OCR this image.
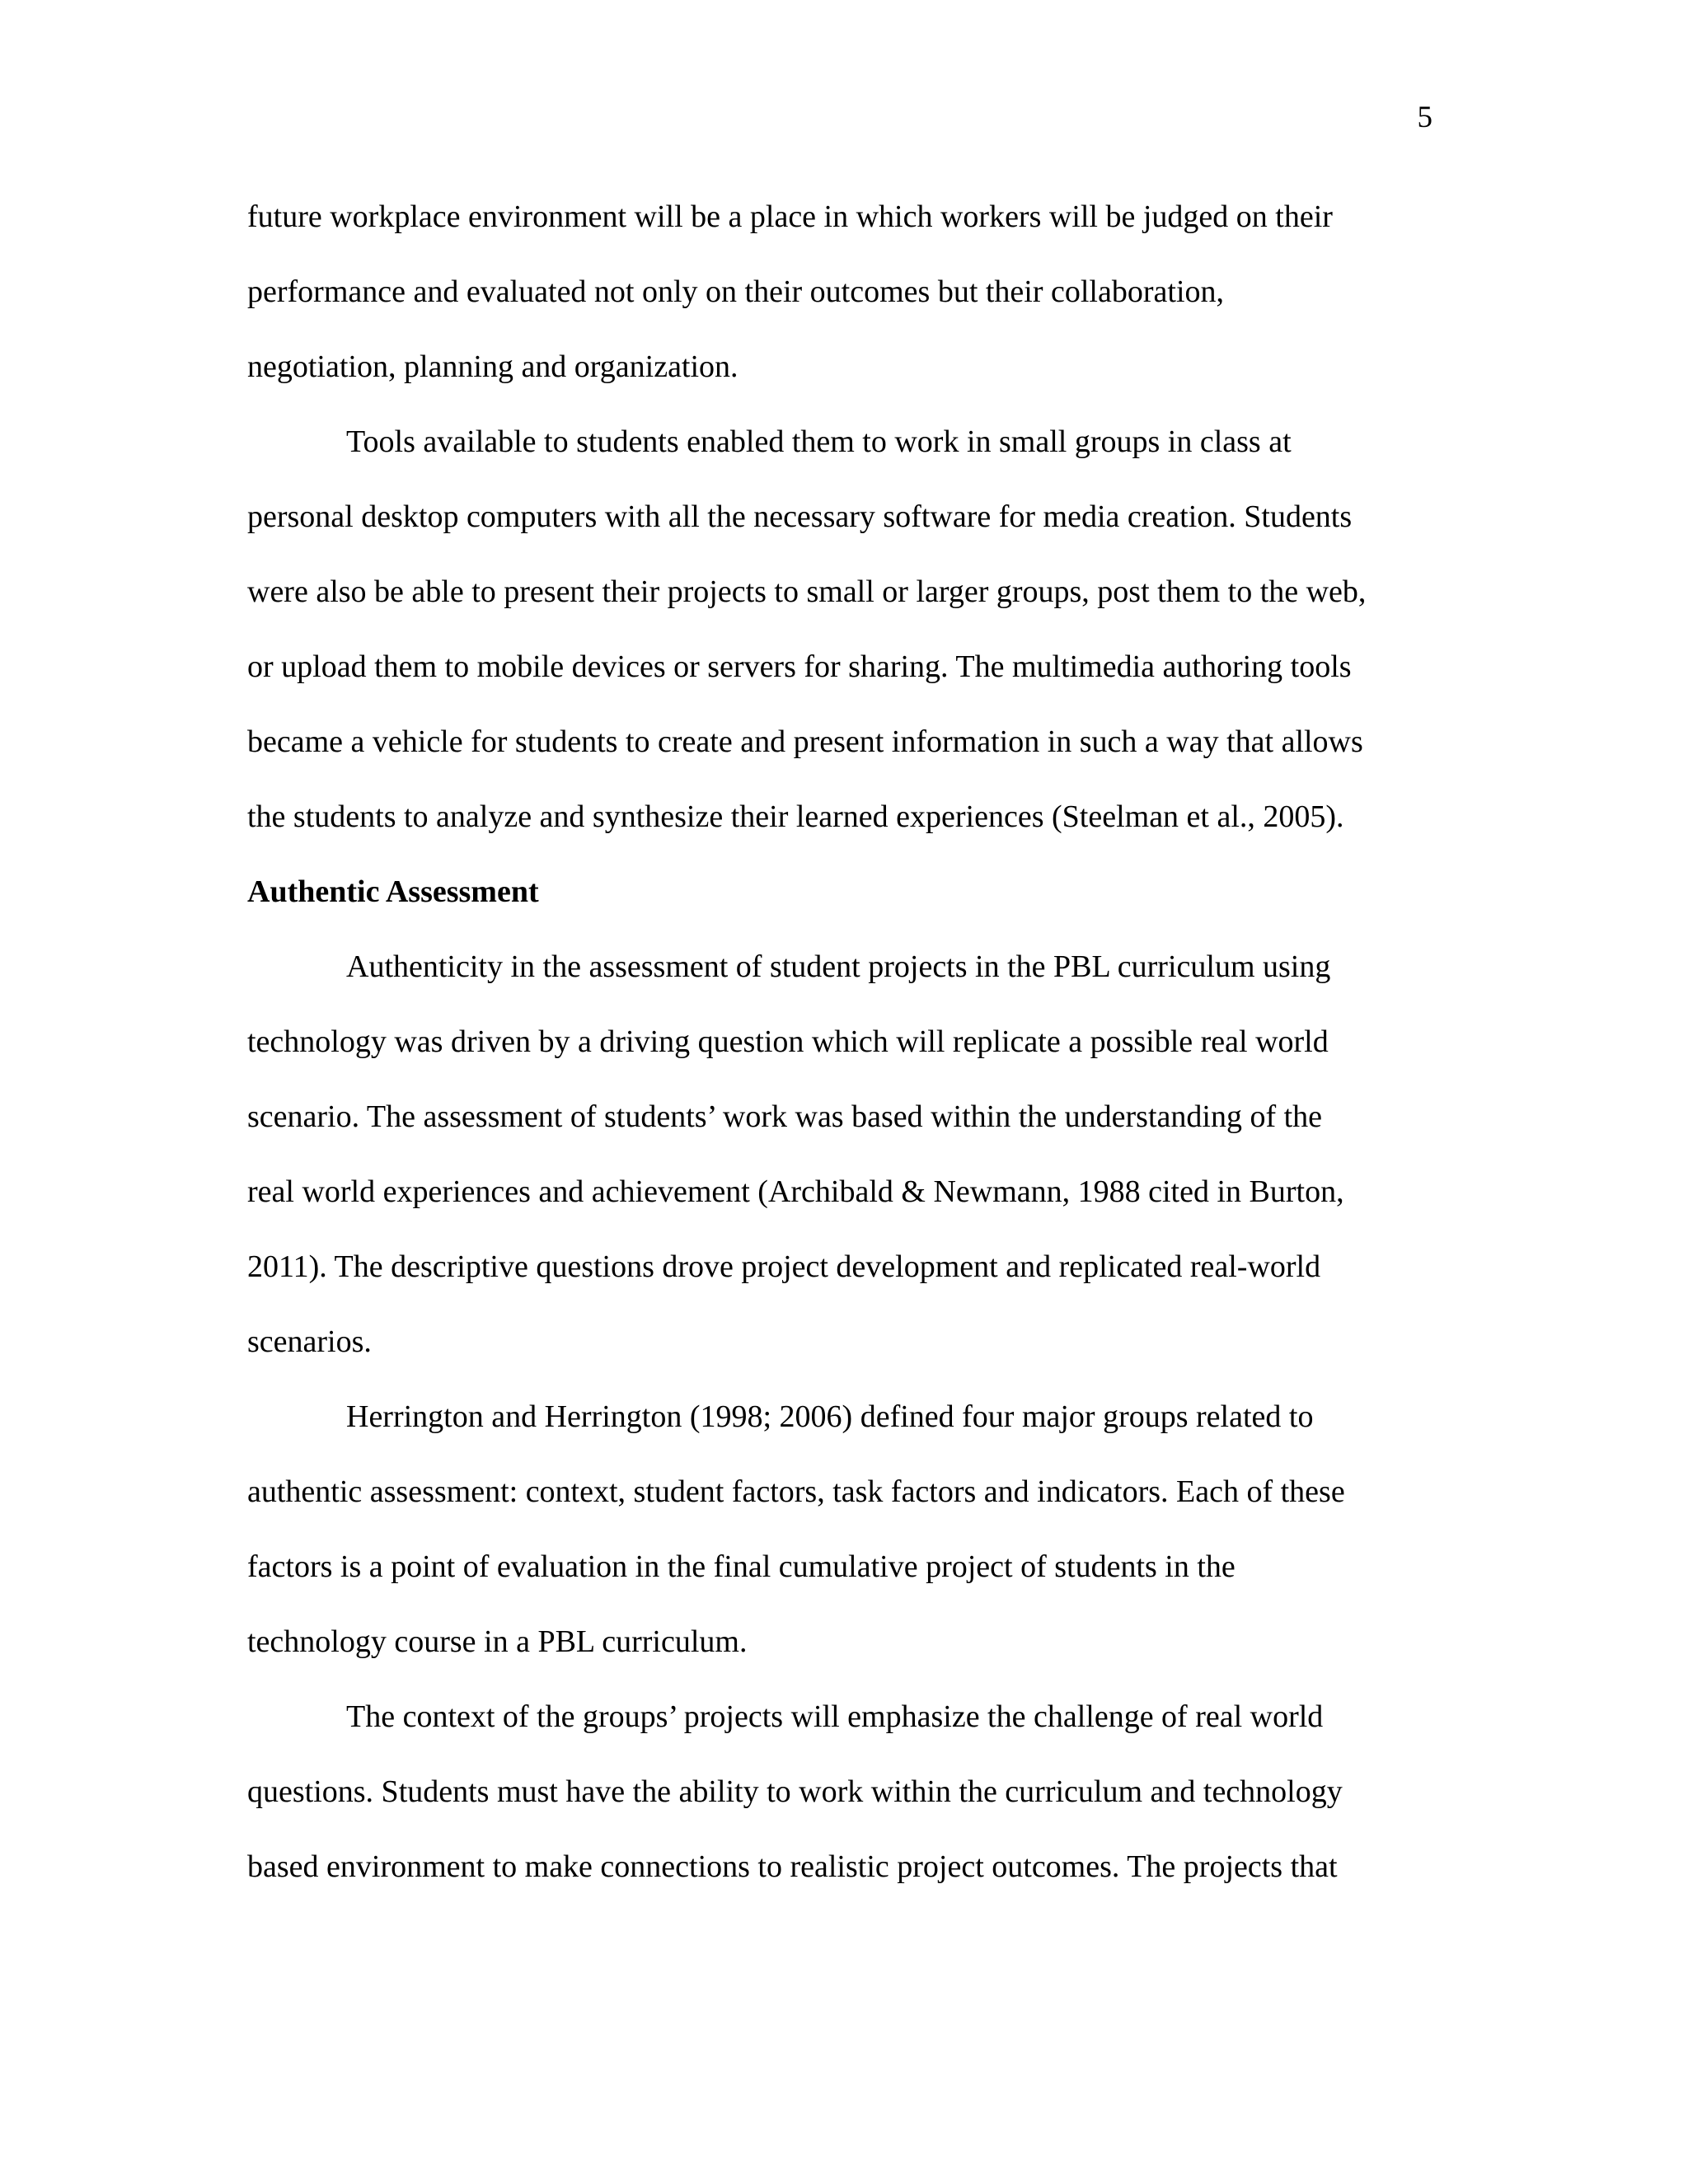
5
future workplace environment will be a place in which workers will be judged on their
performance and evaluated not only on their outcomes but their collaboration,
negotiation, planning and organization.
Tools available to students enabled them to work in small groups in class at
personal desktop computers with all the necessary software for media creation. Students
were also be able to present their projects to small or larger groups, post them to the web,
or upload them to mobile devices or servers for sharing. The multimedia authoring tools
became a vehicle for students to create and present information in such a way that allows
the students to analyze and synthesize their learned experiences (Steelman et al., 2005).
Authentic Assessment
Authenticity in the assessment of student projects in the PBL curriculum using
technology was driven by a driving question which will replicate a possible real world
scenario. The assessment of students’ work was based within the understanding of the
real world experiences and achievement (Archibald & Newmann, 1988 cited in Burton,
2011). The descriptive questions drove project development and replicated real-world
scenarios.
Herrington and Herrington (1998; 2006) defined four major groups related to
authentic assessment: context, student factors, task factors and indicators. Each of these
factors is a point of evaluation in the final cumulative project of students in the
technology course in a PBL curriculum.
The context of the groups’ projects will emphasize the challenge of real world
questions. Students must have the ability to work within the curriculum and technology
based environment to make connections to realistic project outcomes. The projects that
